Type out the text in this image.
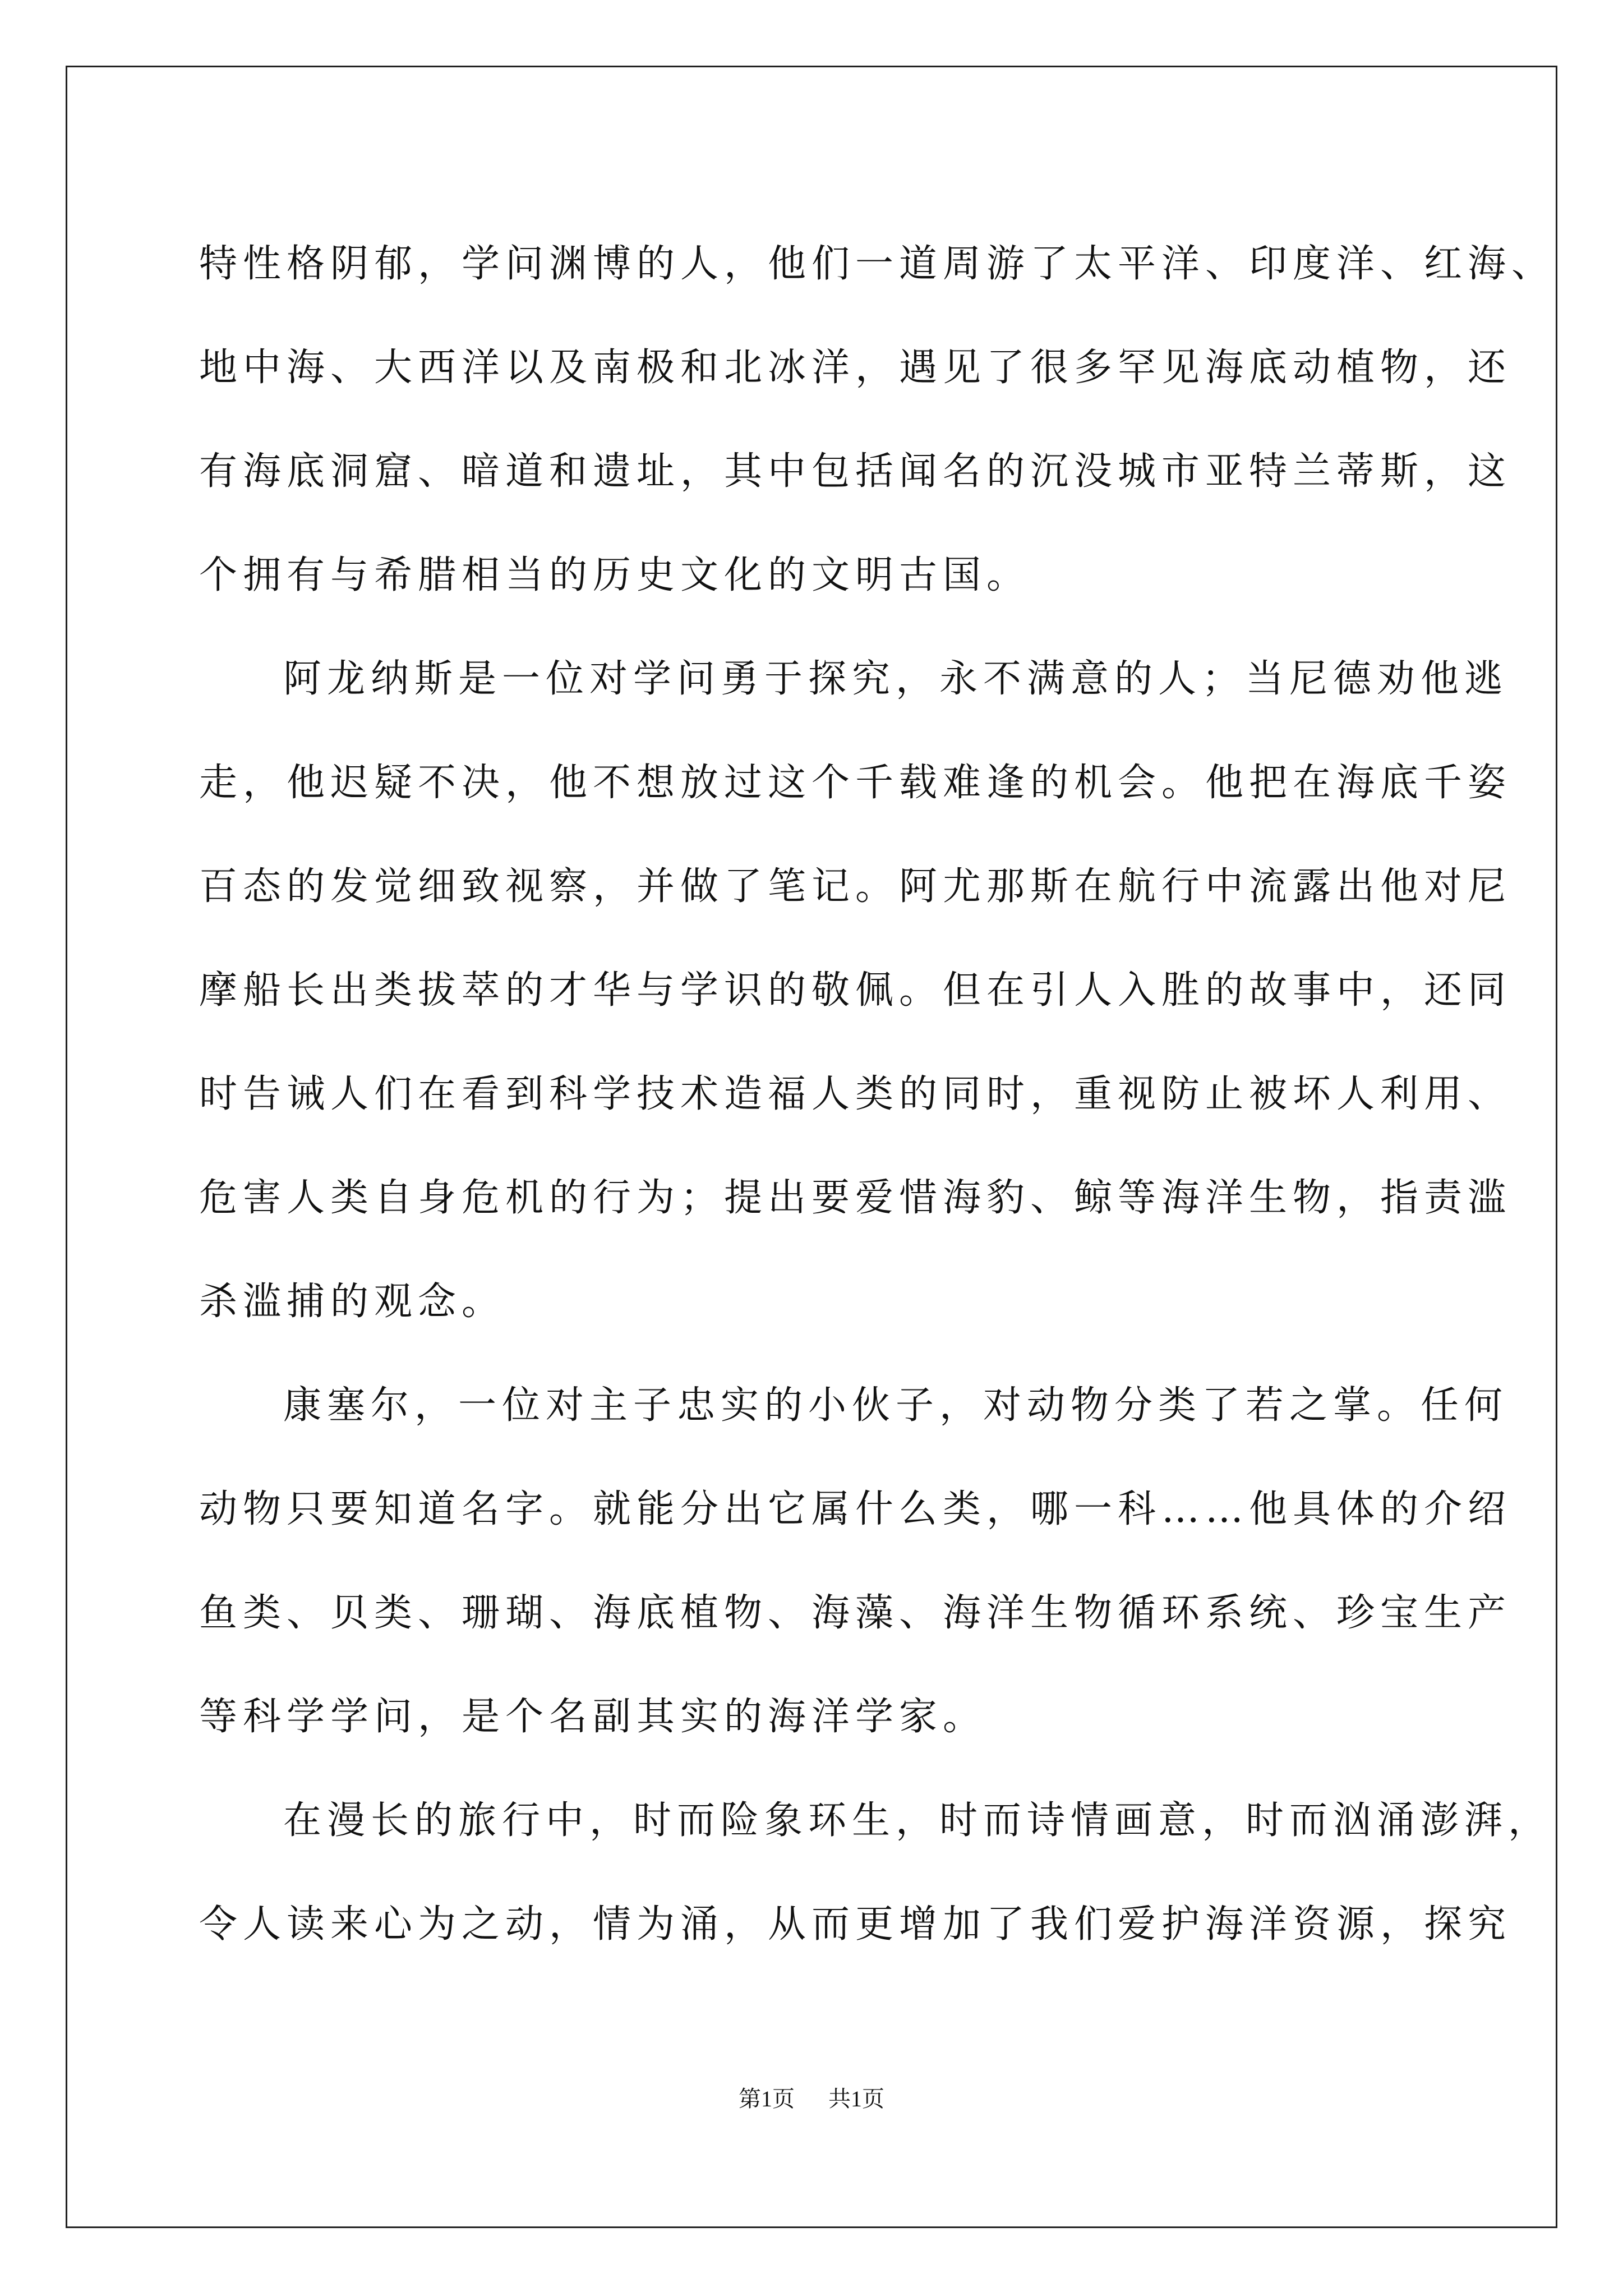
特性格阴郁，学问渊博的人，他们一道周游了太平洋、印度洋、红海、
地中海、大西洋以及南极和北冰洋，遇见了很多罕见海底动植物，还
有海底洞窟、暗道和遗址，其中包括闻名的沉没城市亚特兰蒂斯，这
个拥有与希腊相当的历史文化的文明古国。
阿龙纳斯是一位对学问勇于探究，永不满意的人；当尼德劝他逃
走，他迟疑不决，他不想放过这个千载难逢的机会。他把在海底千姿
百态的发觉细致视察，并做了笔记。阿尤那斯在航行中流露出他对尼
摩船长出类拔萃的才华与学识的敬佩。但在引人入胜的故事中，还同
时告诫人们在看到科学技术造福人类的同时，重视防止被坏人利用、
危害人类自身危机的行为；提出要爱惜海豹、鲸等海洋生物，指责滥
杀滥捕的观念。
康塞尔，一位对主子忠实的小伙子，对动物分类了若之掌。任何
动物只要知道名字。就能分出它属什么类，哪一科……他具体的介绍
鱼类、贝类、珊瑚、海底植物、海藻、海洋生物循环系统、珍宝生产
等科学学问，是个名副其实的海洋学家。
在漫长的旅行中，时而险象环生，时而诗情画意，时而汹涌澎湃，
令人读来心为之动，情为涌，从而更增加了我们爱护海洋资源，探究
第1页 共1页
